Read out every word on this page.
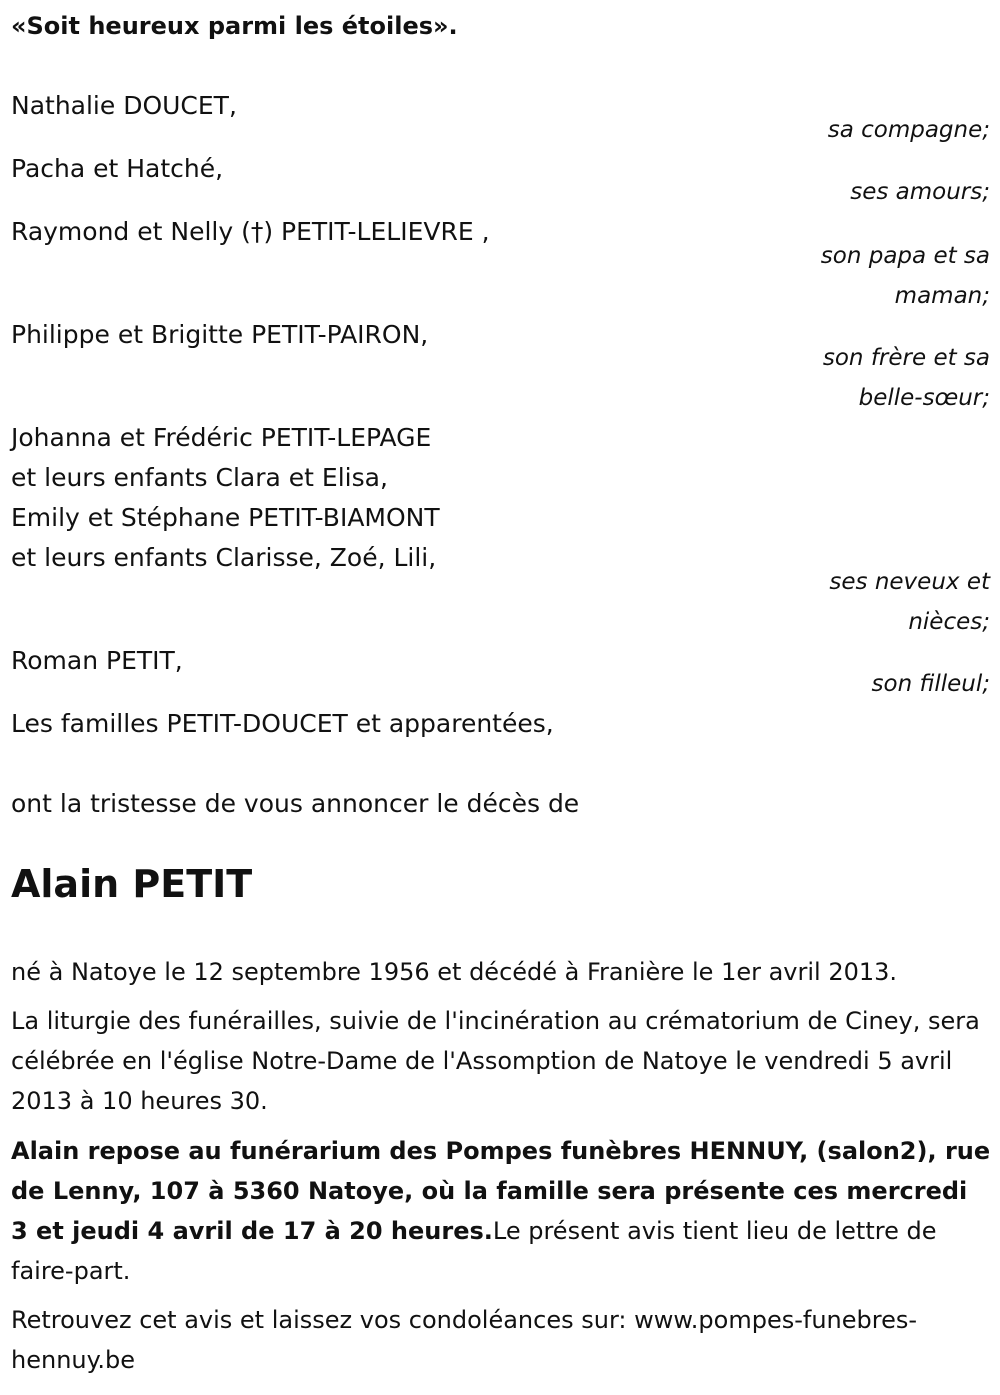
«Soit heureux parmi les étoiles».
Nathalie DOUCET,
sa compagne;
Pacha et Hatché,
ses amours;
Raymond et Nelly (†) PETIT-LELIEVRE ,
son papa et sa
maman;
Philippe et Brigitte PETIT-PAIRON,
son frère et sa
belle-sœur;
Johanna et Frédéric PETIT-LEPAGE
et leurs enfants Clara et Elisa,
Emily et Stéphane PETIT-BIAMONT
et leurs enfants Clarisse, Zoé, Lili,
ses neveux et
nièces;
Roman PETIT,
son filleul;
Les familles PETIT-DOUCET et apparentées,
ont la tristesse de vous annoncer le décès de
Alain PETIT
né à Natoye le 12 septembre 1956 et décédé à Franière le 1er avril 2013.
La liturgie des funérailles, suivie de l'incinération au crématorium de Ciney, sera célébrée en l'église Notre-Dame de l'Assomption de Natoye le vendredi 5 avril 2013 à 10 heures 30.
Alain repose au funérarium des Pompes funèbres HENNUY, (salon2), rue de Lenny, 107 à 5360 Natoye, où la famille sera présente ces mercredi 3 et jeudi 4 avril de 17 à 20 heures.Le présent avis tient lieu de lettre de faire-part.
Retrouvez cet avis et laissez vos condoléances sur: www.pompes-funebres-hennuy.be
